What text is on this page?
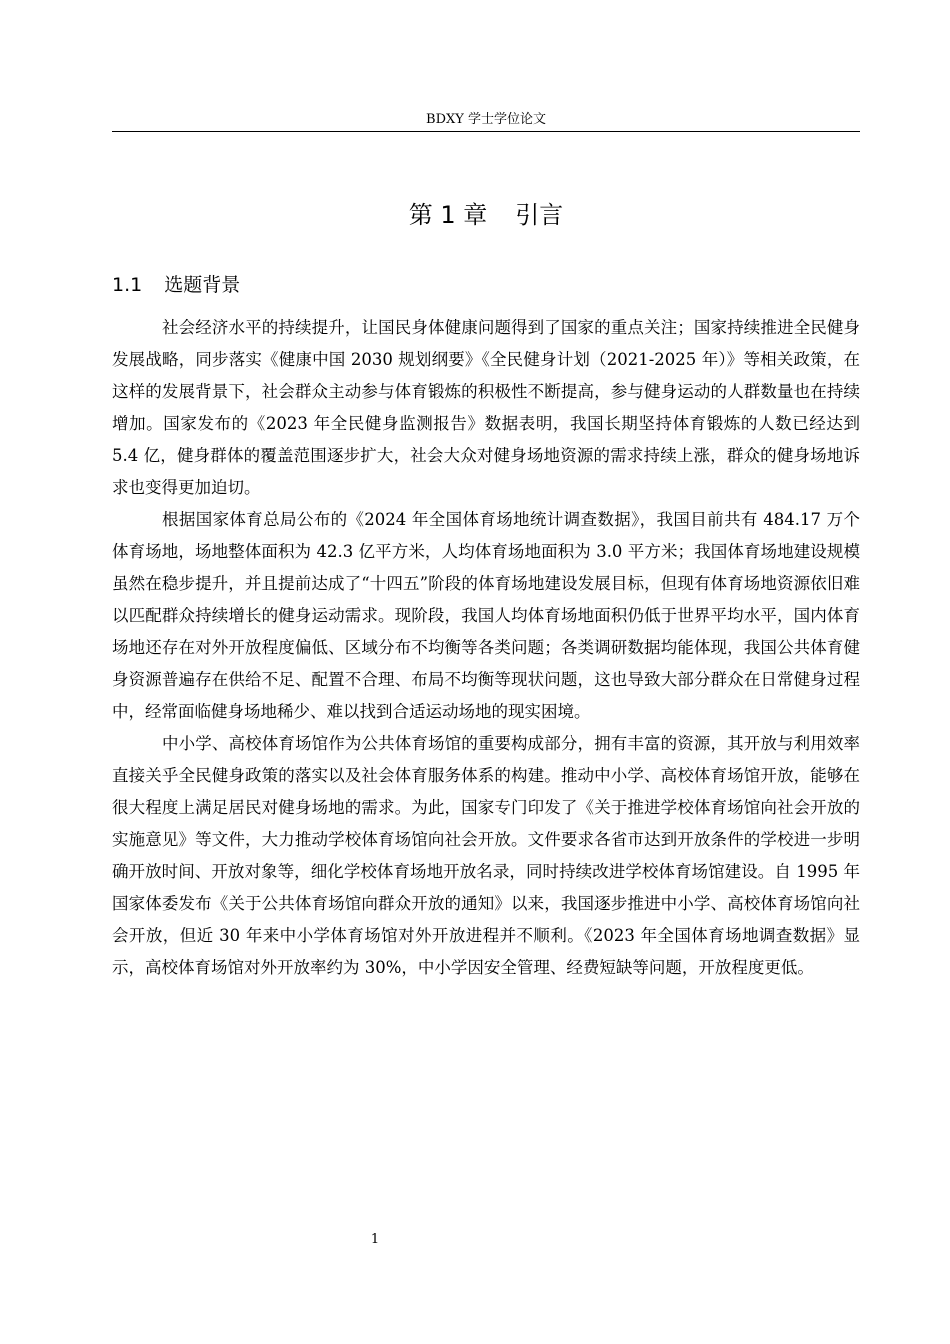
BDXY 学士学位论文
第 1 章 引言
1.1 选题背景

社会经济水平的持续提升，让国民身体健康问题得到了国家的重点关注；国家持续推进全民健身发展战略，同步落实《健康中国 2030 规划纲要》《全民健身计划（2021-2025 年）》等相关政策，在这样的发展背景下，社会群众主动参与体育锻炼的积极性不断提高，参与健身运动的人群数量也在持续增加。国家发布的《2023 年全民健身监测报告》数据表明，我国长期坚持体育锻炼的人数已经达到 5.4 亿，健身群体的覆盖范围逐步扩大，社会大众对健身场地资源的需求持续上涨，群众的健身场地诉求也变得更加迫切。

根据国家体育总局公布的《2024 年全国体育场地统计调查数据》，我国目前共有 484.17 万个体育场地，场地整体面积为 42.3 亿平方米，人均体育场地面积为 3.0 平方米；我国体育场地建设规模虽然在稳步提升，并且提前达成了“十四五”阶段的体育场地建设发展目标，但现有体育场地资源依旧难以匹配群众持续增长的健身运动需求。现阶段，我国人均体育场地面积仍低于世界平均水平，国内体育场地还存在对外开放程度偏低、区域分布不均衡等各类问题；各类调研数据均能体现，我国公共体育健身资源普遍存在供给不足、配置不合理、布局不均衡等现状问题，这也导致大部分群众在日常健身过程中，经常面临健身场地稀少、难以找到合适运动场地的现实困境。

中小学、高校体育场馆作为公共体育场馆的重要构成部分，拥有丰富的资源，其开放与利用效率直接关乎全民健身政策的落实以及社会体育服务体系的构建。推动中小学、高校体育场馆开放，能够在很大程度上满足居民对健身场地的需求。为此，国家专门印发了《关于推进学校体育场馆向社会开放的实施意见》等文件，大力推动学校体育场馆向社会开放。文件要求各省市达到开放条件的学校进一步明确开放时间、开放对象等，细化学校体育场地开放名录，同时持续改进学校体育场馆建设。自 1995 年国家体委发布《关于公共体育场馆向群众开放的通知》以来，我国逐步推进中小学、高校体育场馆向社会开放，但近 30 年来中小学体育场馆对外开放进程并不顺利。《2023 年全国体育场地调查数据》显示，高校体育场馆对外开放率约为 30%，中小学因安全管理、经费短缺等问题，开放程度更低。

1
